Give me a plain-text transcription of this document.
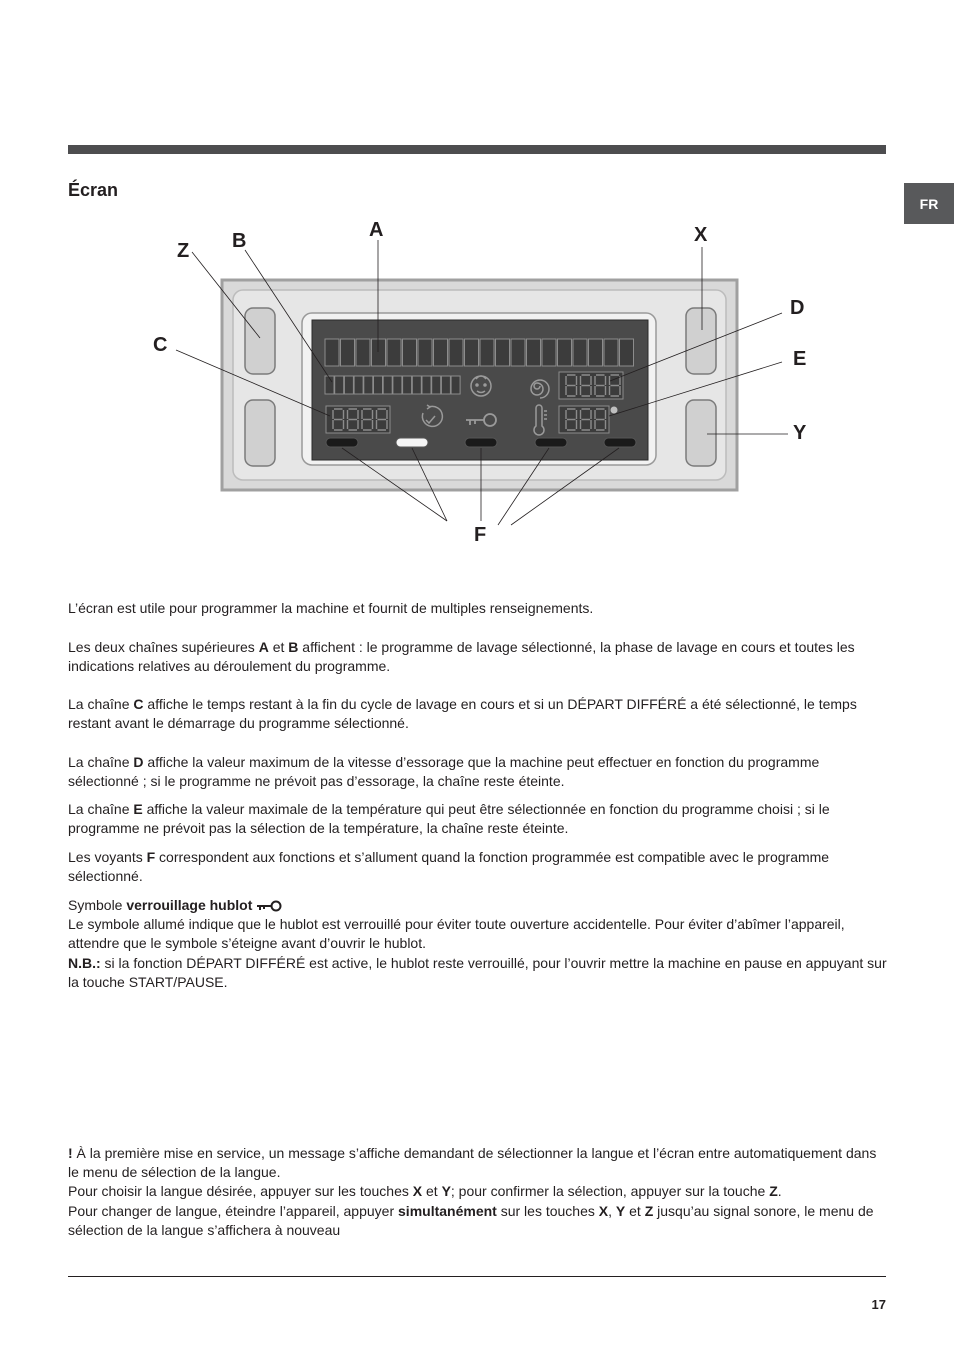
FR
Écran
A
B
Z
C
X
D
E
Y
F

L’écran est utile pour programmer la machine et fournit de multiples renseignements.

Les deux chaînes supérieures A et B affichent : le programme de lavage sélectionné, la phase de lavage en cours et toutes les indications relatives au déroulement du programme.

La chaîne C affiche le temps restant à la fin du cycle de lavage en cours et si un DÉPART DIFFÉRÉ a été sélectionné, le temps restant avant le démarrage du programme sélectionné.

La chaîne D affiche la valeur maximum de la vitesse d’essorage que la machine peut effectuer en fonction du programme sélectionné ; si le programme ne prévoit pas d’essorage, la chaîne reste éteinte.

La chaîne E affiche la valeur maximale de la température qui peut être sélectionnée en fonction du programme choisi ; si le programme ne prévoit pas la sélection de la température, la chaîne reste éteinte.

Les voyants F correspondent aux fonctions et s’allument quand la fonction programmée est compatible avec le programme sélectionné.

Symbole verrouillage hublot
Le symbole allumé indique que le hublot est verrouillé pour éviter toute ouverture accidentelle. Pour éviter d’abîmer l’appareil, attendre que le symbole s’éteigne avant d’ouvrir le hublot.
N.B.: si la fonction DÉPART DIFFÉRÉ est active, le hublot reste verrouillé, pour l’ouvrir mettre la machine en pause en appuyant sur la touche START/PAUSE.

! À la première mise en service, un message s’affiche demandant de sélectionner la langue et l’écran entre automatiquement dans le menu de sélection de la langue.
Pour choisir la langue désirée, appuyer sur les touches X et Y; pour confirmer la sélection, appuyer sur la touche Z.
Pour changer de langue, éteindre l’appareil, appuyer simultanément sur les touches X, Y et Z jusqu’au signal sonore, le menu de sélection de la langue s’affichera à nouveau

17
